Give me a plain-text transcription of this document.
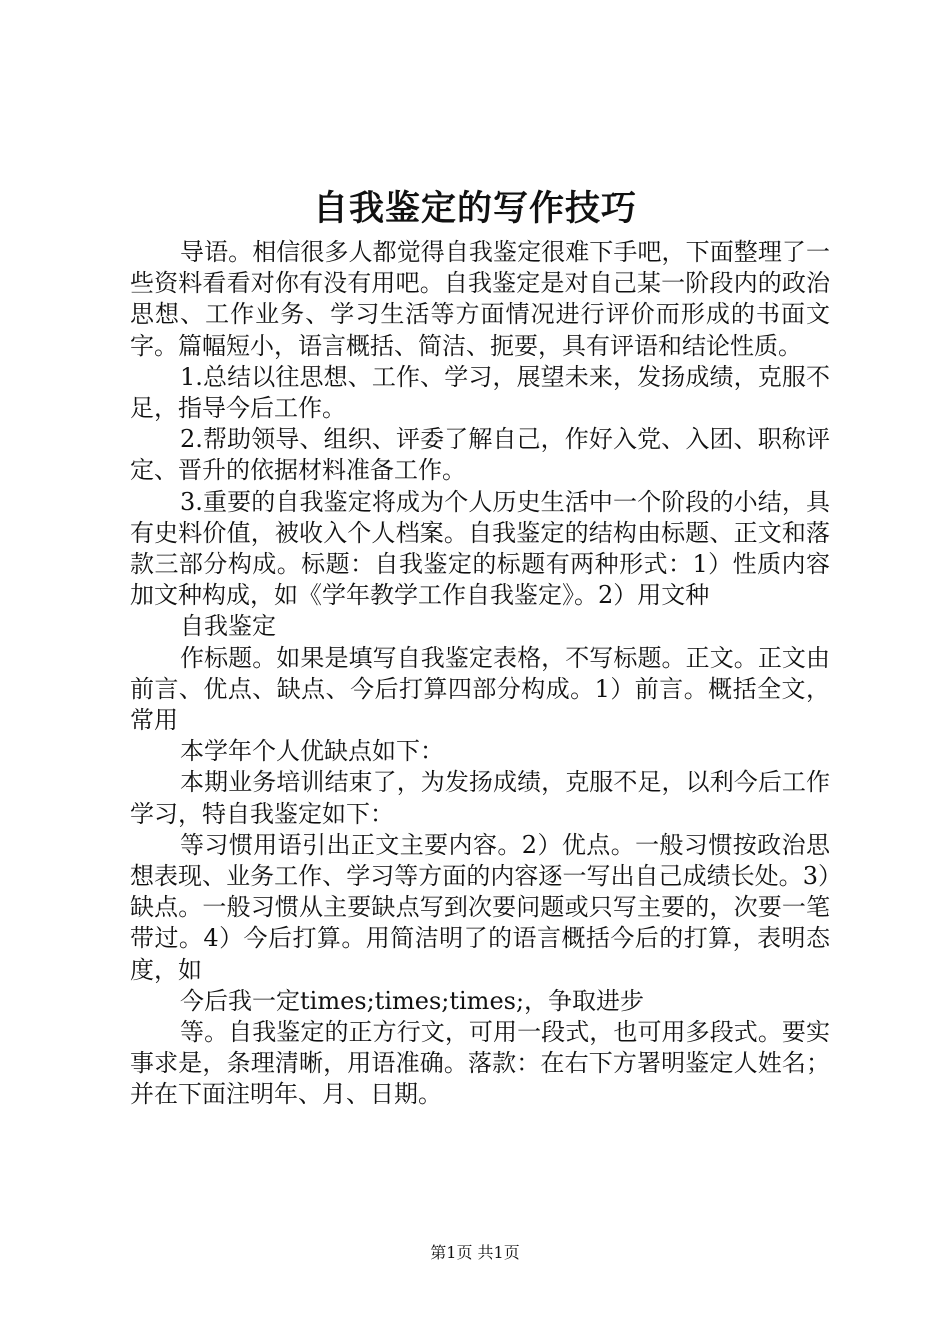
自我鉴定的写作技巧

导语。相信很多人都觉得自我鉴定很难下手吧，下面整理了一些资料看看对你有没有用吧。自我鉴定是对自己某一阶段内的政治思想、工作业务、学习生活等方面情况进行评价而形成的书面文字。篇幅短小，语言概括、简洁、扼要，具有评语和结论性质。

1.总结以往思想、工作、学习，展望未来，发扬成绩，克服不足，指导今后工作。

2.帮助领导、组织、评委了解自己，作好入党、入团、职称评定、晋升的依据材料准备工作。

3.重要的自我鉴定将成为个人历史生活中一个阶段的小结，具有史料价值，被收入个人档案。自我鉴定的结构由标题、正文和落款三部分构成。标题：自我鉴定的标题有两种形式：1）性质内容加文种构成，如《学年教学工作自我鉴定》。2）用文种

自我鉴定

作标题。如果是填写自我鉴定表格，不写标题。正文。正文由前言、优点、缺点、今后打算四部分构成。1）前言。概括全文，常用

本学年个人优缺点如下：

本期业务培训结束了，为发扬成绩，克服不足，以利今后工作学习，特自我鉴定如下：

等习惯用语引出正文主要内容。2）优点。一般习惯按政治思想表现、业务工作、学习等方面的内容逐一写出自己成绩长处。3）缺点。一般习惯从主要缺点写到次要问题或只写主要的，次要一笔带过。4）今后打算。用简洁明了的语言概括今后的打算，表明态度，如

今后我一定times;times;times;，争取进步

等。自我鉴定的正方行文，可用一段式，也可用多段式。要实事求是，条理清晰，用语准确。落款：在右下方署明鉴定人姓名；并在下面注明年、月、日期。

第1页 共1页
